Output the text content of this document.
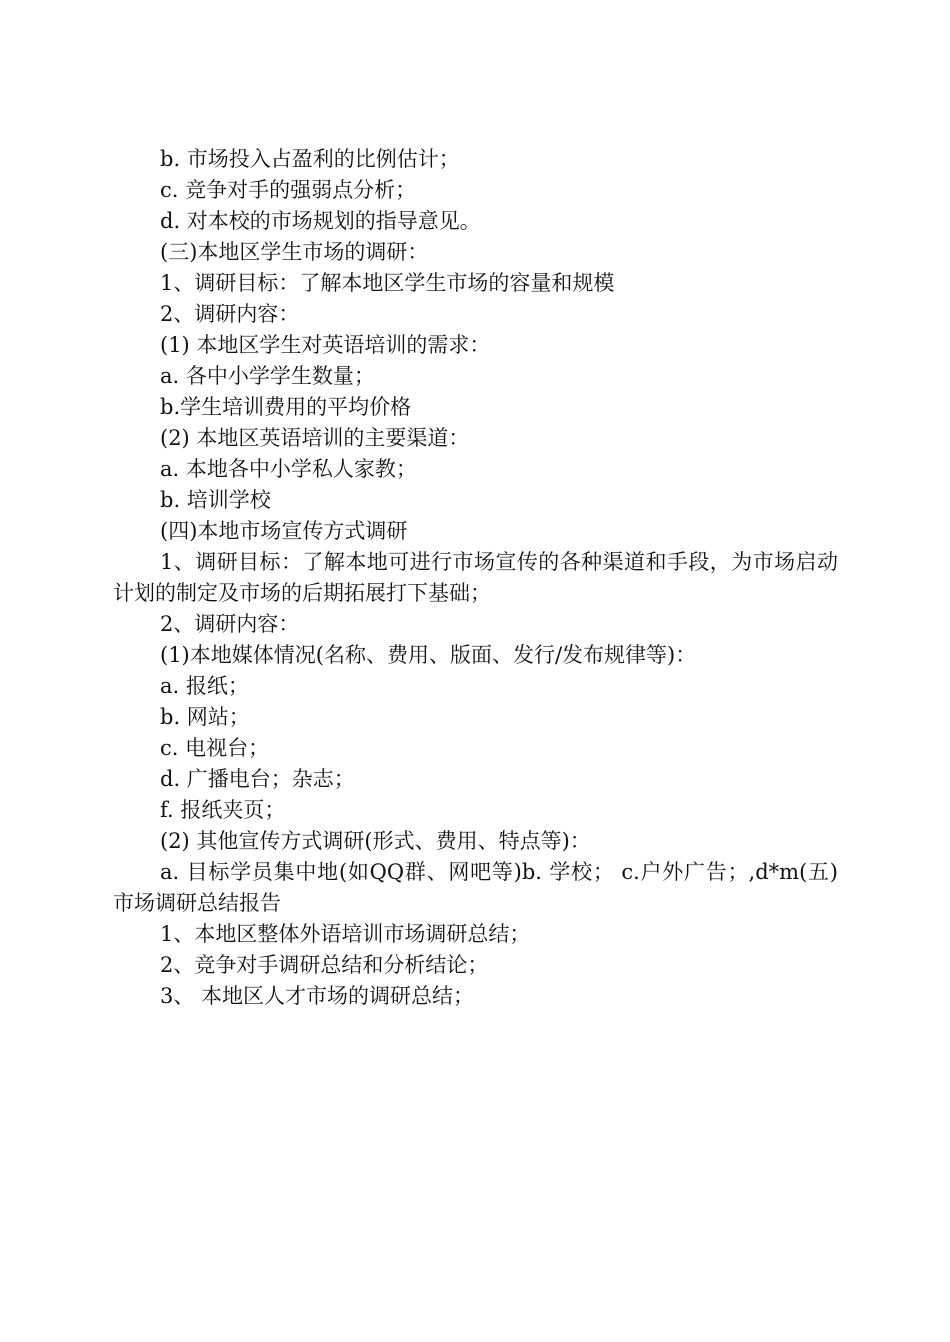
b. 市场投入占盈利的比例估计；
c. 竞争对手的强弱点分析；
d. 对本校的市场规划的指导意见。
(三)本地区学生市场的调研：
1、调研目标：了解本地区学生市场的容量和规模
2、调研内容：
(1) 本地区学生对英语培训的需求：
a. 各中小学学生数量；
b.学生培训费用的平均价格
(2) 本地区英语培训的主要渠道：
a. 本地各中小学私人家教；
b. 培训学校
(四)本地市场宣传方式调研
1、调研目标：了解本地可进行市场宣传的各种渠道和手段，为市场启动计划的制定及市场的后期拓展打下基础；
2、调研内容：
(1)本地媒体情况(名称、费用、版面、发行/发布规律等)：
a. 报纸；
b. 网站；
c. 电视台；
d. 广播电台；杂志；
f. 报纸夹页；
(2) 其他宣传方式调研(形式、费用、特点等)：
a. 目标学员集中地(如QQ群、网吧等)b. 学校； c.户外广告；,d*m(五)市场调研总结报告
1、本地区整体外语培训市场调研总结；
2、竞争对手调研总结和分析结论；
3、 本地区人才市场的调研总结；
